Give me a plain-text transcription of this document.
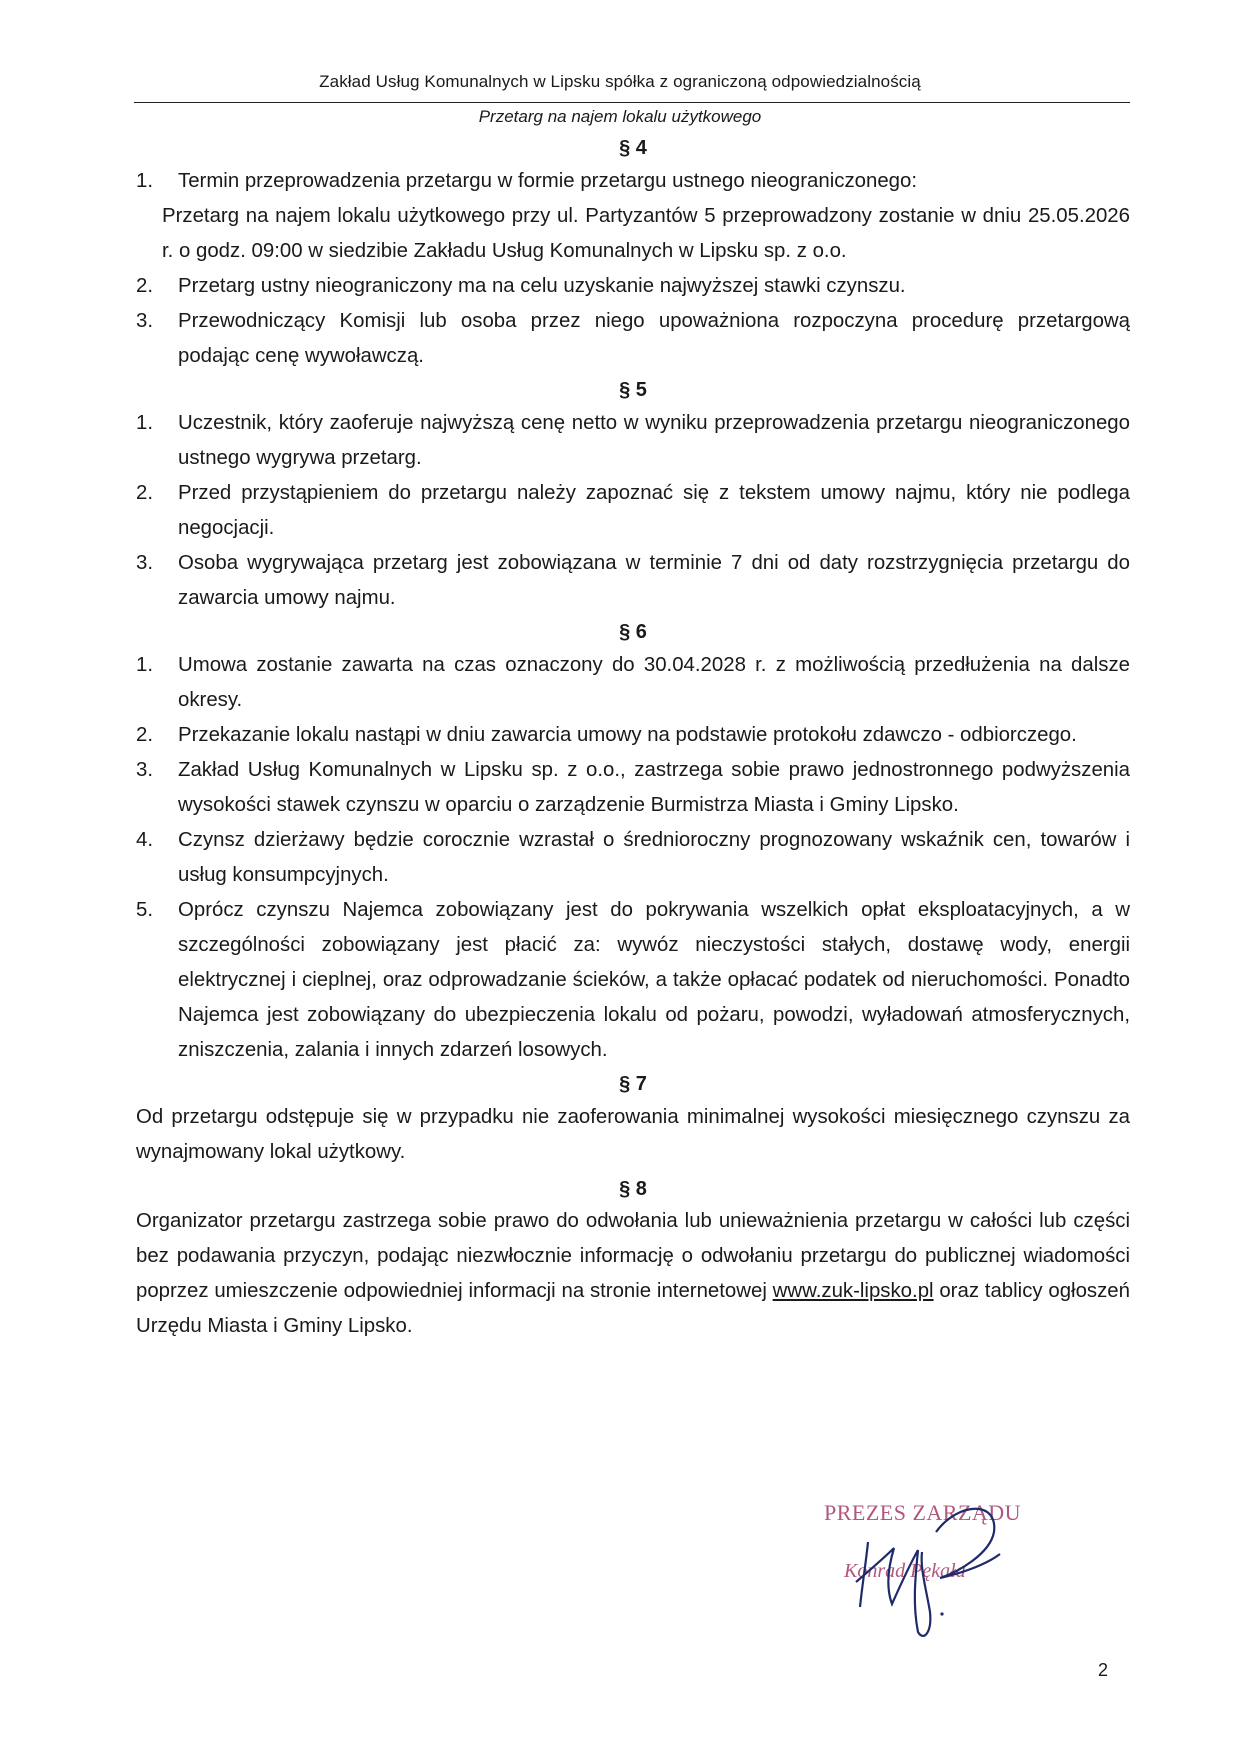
Zakład Usług Komunalnych w Lipsku spółka z ograniczoną odpowiedzialnością
Przetarg na najem lokalu użytkowego
§ 4
1. Termin przeprowadzenia przetargu w formie przetargu ustnego nieograniczonego:
Przetarg na najem lokalu użytkowego przy ul. Partyzantów 5 przeprowadzony zostanie w dniu 25.05.2026 r. o godz. 09:00 w siedzibie Zakładu Usług Komunalnych w Lipsku sp. z o.o.
2. Przetarg ustny nieograniczony ma na celu uzyskanie najwyższej stawki czynszu.
3. Przewodniczący Komisji lub osoba przez niego upoważniona rozpoczyna procedurę przetargową podając cenę wywoławczą.
§ 5
1. Uczestnik, który zaoferuje najwyższą cenę netto w wyniku przeprowadzenia przetargu nieograniczonego ustnego wygrywa przetarg.
2. Przed przystąpieniem do przetargu należy zapoznać się z tekstem umowy najmu, który nie podlega negocjacji.
3. Osoba wygrywająca przetarg jest zobowiązana w terminie 7 dni od daty rozstrzygnięcia przetargu do zawarcia umowy najmu.
§ 6
1. Umowa zostanie zawarta na czas oznaczony do 30.04.2028 r. z możliwością przedłużenia na dalsze okresy.
2. Przekazanie lokalu nastąpi w dniu zawarcia umowy na podstawie protokołu zdawczo - odbiorczego.
3. Zakład Usług Komunalnych w Lipsku sp. z o.o., zastrzega sobie prawo jednostronnego podwyższenia wysokości stawek czynszu w oparciu o zarządzenie Burmistrza Miasta i Gminy Lipsko.
4. Czynsz dzierżawy będzie corocznie wzrastał o średnioroczny prognozowany wskaźnik cen, towarów i usług konsumpcyjnych.
5. Oprócz czynszu Najemca zobowiązany jest do pokrywania wszelkich opłat eksploatacyjnych, a w szczególności zobowiązany jest płacić za: wywóz nieczystości stałych, dostawę wody, energii elektrycznej i cieplnej, oraz odprowadzanie ścieków, a także opłacać podatek od nieruchomości. Ponadto Najemca jest zobowiązany do ubezpieczenia lokalu od pożaru, powodzi, wyładowań atmosferycznych, zniszczenia, zalania i innych zdarzeń losowych.
§ 7

Od przetargu odstępuje się w przypadku nie zaoferowania minimalnej wysokości miesięcznego czynszu za wynajmowany lokal użytkowy.

§ 8

Organizator przetargu zastrzega sobie prawo do odwołania lub unieważnienia przetargu w całości lub części bez podawania przyczyn, podając niezwłocznie informację o odwołaniu przetargu do publicznej wiadomości poprzez umieszczenie odpowiedniej informacji na stronie internetowej www.zuk-lipsko.pl oraz tablicy ogłoszeń Urzędu Miasta i Gminy Lipsko.

PREZES ZARZĄDU
Konrad Pękała
2
